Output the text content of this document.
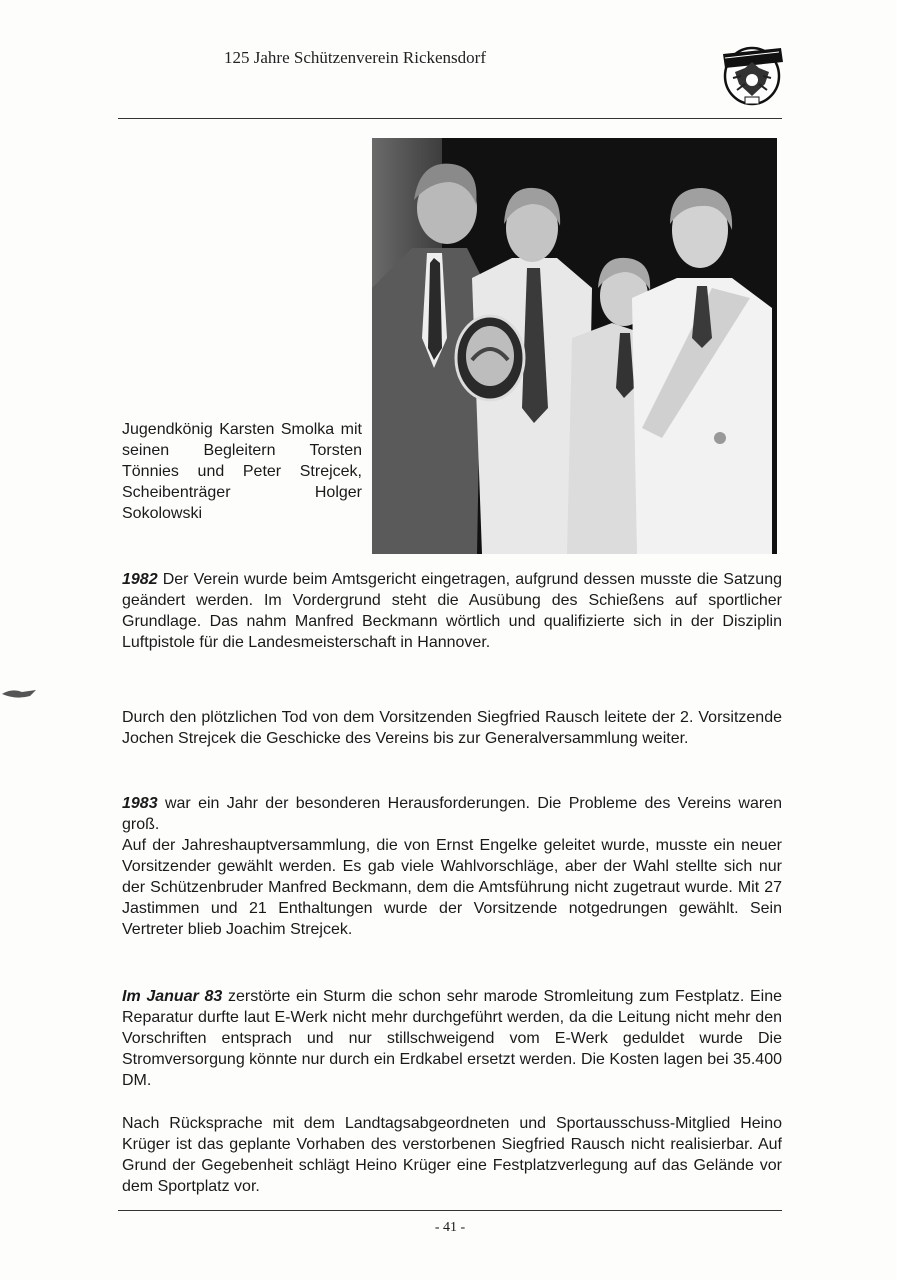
125 Jahre Schützenverein Rickensdorf
Jugendkönig Karsten Smolka mit seinen Begleitern Torsten Tönnies und Peter Strejcek, Scheibenträger Holger Sokolowski

1982 Der Verein wurde beim Amtsgericht eingetragen, aufgrund dessen musste die Satzung geändert werden. Im Vordergrund steht die Ausübung des Schießens auf sportlicher Grundlage. Das nahm Manfred Beckmann wörtlich und qualifizierte sich in der Disziplin Luftpistole für die Landesmeisterschaft in Hannover.

Durch den plötzlichen Tod von dem Vorsitzenden Siegfried Rausch leitete der 2. Vorsitzende Jochen Strejcek die Geschicke des Vereins bis zur Generalversammlung weiter.

1983 war ein Jahr der besonderen Herausforderungen. Die Probleme des Vereins waren groß.

Auf der Jahreshauptversammlung, die von Ernst Engelke geleitet wurde, musste ein neuer Vorsitzender gewählt werden. Es gab viele Wahlvorschläge, aber der Wahl stellte sich nur der Schützenbruder Manfred Beckmann, dem die Amtsführung nicht zugetraut wurde. Mit 27 Jastimmen und 21 Enthaltungen wurde der Vorsitzende notgedrungen gewählt. Sein Vertreter blieb Joachim Strejcek.

Im Januar 83 zerstörte ein Sturm die schon sehr marode Stromleitung zum Festplatz. Eine Reparatur durfte laut E-Werk nicht mehr durchgeführt werden, da die Leitung nicht mehr den Vorschriften entsprach und nur stillschweigend vom E-Werk geduldet wurde Die Stromversorgung könnte nur durch ein Erdkabel ersetzt werden. Die Kosten lagen bei 35.400 DM.

Nach Rücksprache mit dem Landtagsabgeordneten und Sportausschuss-Mitglied Heino Krüger ist das geplante Vorhaben des verstorbenen Siegfried Rausch nicht realisierbar. Auf Grund der Gegebenheit schlägt Heino Krüger eine Festplatzverlegung auf das Gelände vor dem Sportplatz vor.

- 41 -
